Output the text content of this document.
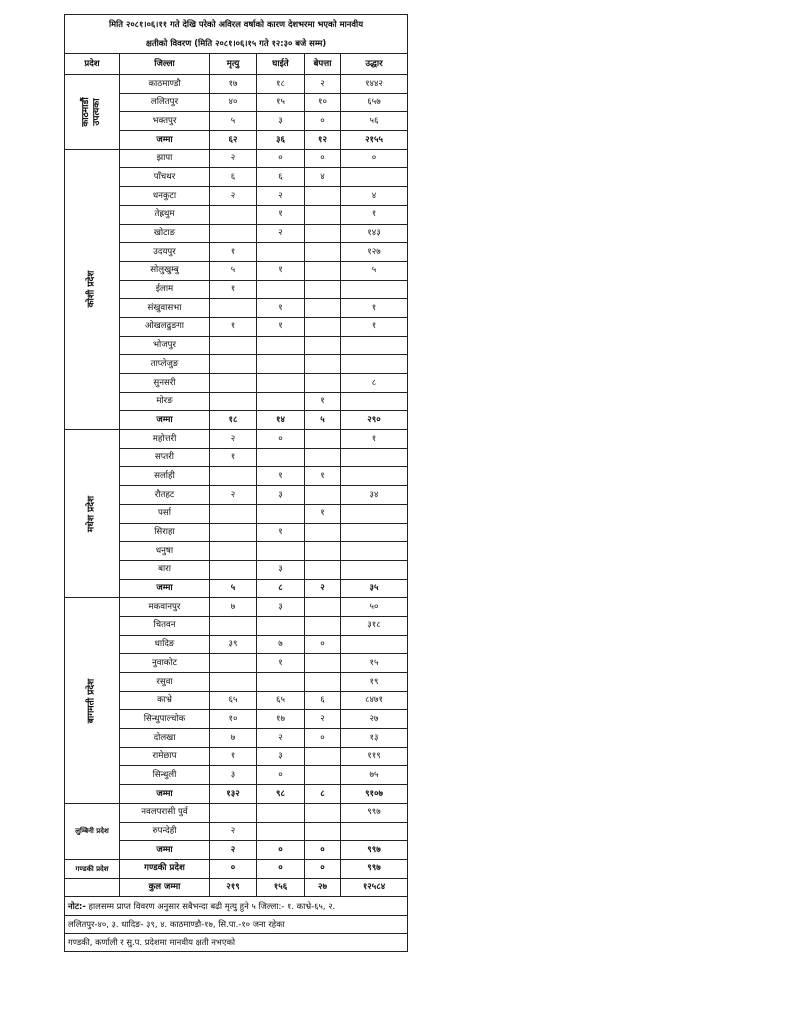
मिति २०८१।०६।११ गते देखि परेको अविरल वर्षाको कारण देशभरमा भएको मानवीय					
क्षतीको विवरण (मिति २०८१।०६।१५ गते १२:३० बजे सम्म)					
प्रदेश	जिल्ला	मृत्यु	घाईते	बेपत्ता	उद्धार

काठमाडौं उपत्यका	काठमाण्डौ	१७	१८	२	१४४२
	ललितपुर	४०	१५	१०	६५७
	भक्तपुर	५	३	०	५६
	जम्मा	६२	३६	१२	२१५५

कोशी प्रदेश	झापा	२	०	०	०
	पाँचथर	६	६	४	
	धनकुटा	२	२		४
	तेह्रथुम		१		१
	खोटाङ		२		१४३
	उदयपुर	१			१२७
	सोलुखुम्बु	५	१		५
	ईलाम	१			
	संखुवासभा		१		१
	ओखलढुङगा	१	१		१
	भोजपुर				
	ताप्लेजुङ				
	सुनसरी				८
	मोरङ			१	
	जम्मा	१८	१४	५	२९०

मधेश प्रदेश	महोत्तरी	२	०		१
	सप्तरी	१			
	सर्लाही		१	१	
	रौतहट	२	३		३४
	पर्सा			१	
	सिराहा		१		
	धनुषा				
	बारा		३		
	जम्मा	५	८	२	३५

बागमती प्रदेश	मकवानपुर	७	३		५०
	चितवन				३१८
	धादिङ	३९	७	०	
	नुवाकोट		१		१५
	रसुवा				१९
	काभ्रे	६५	६५	६	८४७१
	सिन्धुपाल्चोक	१०	१७	२	२७
	दोलखा	७	२	०	१३
	रामेछाप	१	३		११९
	सिन्धुली	३	०		७५
	जम्मा	१३२	९८	८	९१०७

लुम्बिनी प्रदेश	नवलपरासी पुर्व				९९७
	रुपन्देही	२			
	जम्मा	२	०	०	९९७

गण्डकी प्रदेश	गण्डकी प्रदेश	०	०	०	९९७
	कुल जम्मा	२१९	१५६	२७	१२५८४
नोट:- हालसम्म प्राप्त विवरण अनुसार सबैभन्दा बढी मृत्यु हुने ५ जिल्ला:- १. काभ्रे-६५, २.					
ललितपुर-४०, ३. धादिङ- ३९, ४. काठमाण्डौ-१७, सि.पा.-१० जना रहेका					
गण्डकी, कर्णाली र सु.प. प्रदेशमा मानवीय क्षती नभएको					
